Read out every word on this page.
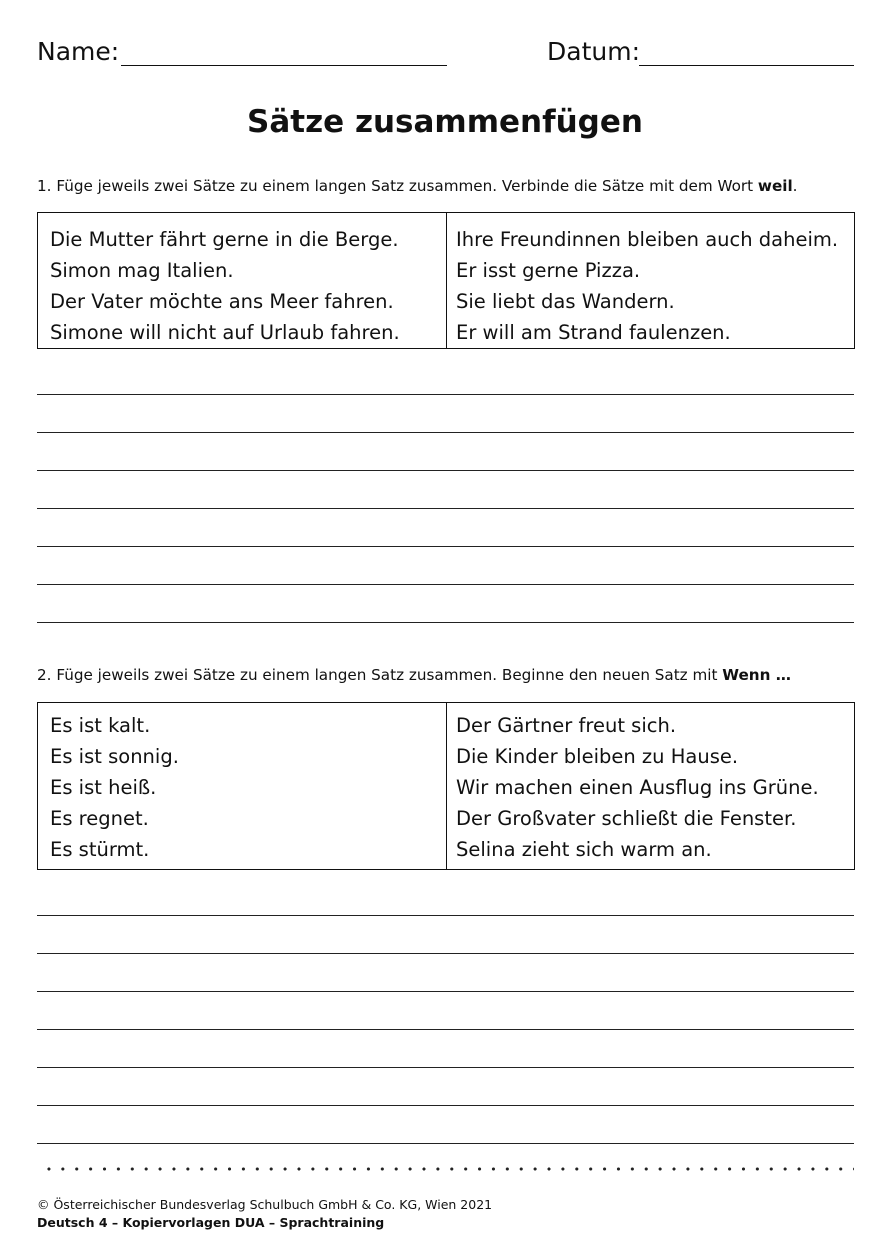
Name:	Datum:
Sätze zusammenfügen
1. Füge jeweils zwei Sätze zu einem langen Satz zusammen. Verbinde die Sätze mit dem Wort weil.
Die Mutter fährt gerne in die Berge.
Simon mag Italien.
Der Vater möchte ans Meer fahren.
Simone will nicht auf Urlaub fahren.
Ihre Freundinnen bleiben auch daheim.
Er isst gerne Pizza.
Sie liebt das Wandern.
Er will am Strand faulenzen.
2. Füge jeweils zwei Sätze zu einem langen Satz zusammen. Beginne den neuen Satz mit Wenn …
Es ist kalt.
Es ist sonnig.
Es ist heiß.
Es regnet.
Es stürmt.
Der Gärtner freut sich.
Die Kinder bleiben zu Hause.
Wir machen einen Ausflug ins Grüne.
Der Großvater schließt die Fenster.
Selina zieht sich warm an.
© Österreichischer Bundesverlag Schulbuch GmbH & Co. KG, Wien 2021
Deutsch 4 – Kopiervorlagen DUA – Sprachtraining
